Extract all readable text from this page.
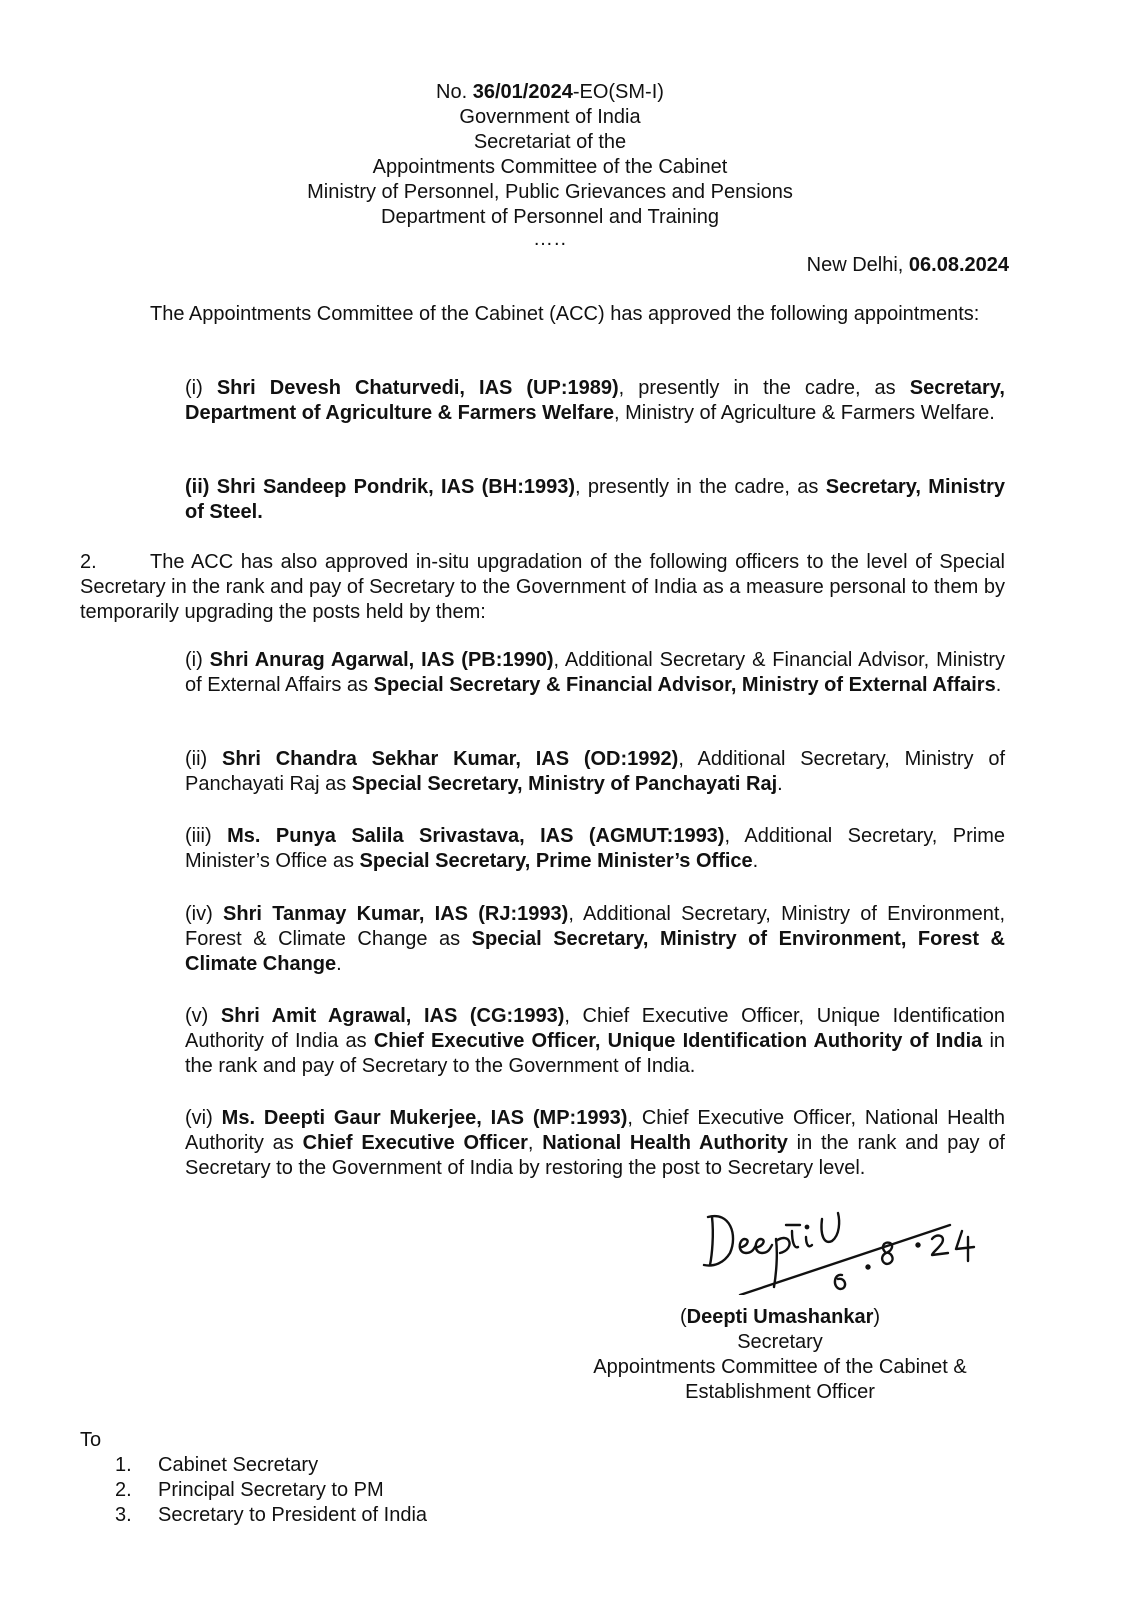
No. 36/01/2024-EO(SM-I)
Government of India
Secretariat of the
Appointments Committee of the Cabinet
Ministry of Personnel, Public Grievances and Pensions
Department of Personnel and Training
…..
New Delhi, 06.08.2024

The Appointments Committee of the Cabinet (ACC) has approved the following appointments:

(i) Shri Devesh Chaturvedi, IAS (UP:1989), presently in the cadre, as Secretary, Department of Agriculture & Farmers Welfare, Ministry of Agriculture & Farmers Welfare.
(ii) Shri Sandeep Pondrik, IAS (BH:1993), presently in the cadre, as Secretary, Ministry of Steel.
2.	The ACC has also approved in-situ upgradation of the following officers to the level of Special Secretary in the rank and pay of Secretary to the Government of India as a measure personal to them by temporarily upgrading the posts held by them:
(i) Shri Anurag Agarwal, IAS (PB:1990), Additional Secretary & Financial Advisor, Ministry of External Affairs as Special Secretary & Financial Advisor, Ministry of External Affairs.
(ii) Shri Chandra Sekhar Kumar, IAS (OD:1992), Additional Secretary, Ministry of Panchayati Raj as Special Secretary, Ministry of Panchayati Raj.
(iii) Ms. Punya Salila Srivastava, IAS (AGMUT:1993), Additional Secretary, Prime Minister’s Office as Special Secretary, Prime Minister’s Office.
(iv) Shri Tanmay Kumar, IAS (RJ:1993), Additional Secretary, Ministry of Environment, Forest & Climate Change as Special Secretary, Ministry of Environment, Forest & Climate Change.
(v) Shri Amit Agrawal, IAS (CG:1993), Chief Executive Officer, Unique Identification Authority of India as Chief Executive Officer, Unique Identification Authority of India in the rank and pay of Secretary to the Government of India.
(vi) Ms. Deepti Gaur Mukerjee, IAS (MP:1993), Chief Executive Officer, National Health Authority as Chief Executive Officer, National Health Authority in the rank and pay of Secretary to the Government of India by restoring the post to Secretary level.
(Deepti Umashankar)
Secretary
Appointments Committee of the Cabinet &
Establishment Officer
To
1. Cabinet Secretary
2. Principal Secretary to PM
3. Secretary to President of India
